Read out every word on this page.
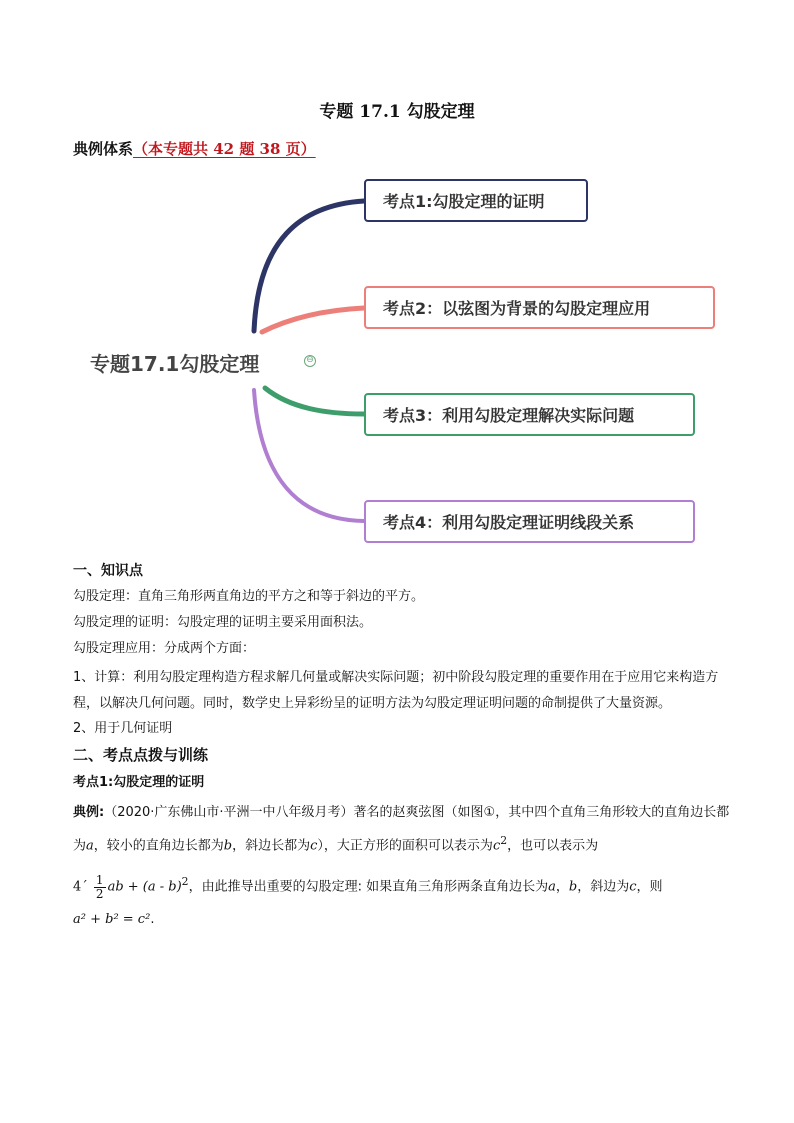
专题 17.1 勾股定理
典例体系（本专题共 42 题 38 页）
专题17.1勾股定理	⊖
考点1:勾股定理的证明
考点2：以弦图为背景的勾股定理应用
考点3：利用勾股定理解决实际问题
考点4：利用勾股定理证明线段关系

一、知识点

勾股定理：直角三角形两直角边的平方之和等于斜边的平方。

勾股定理的证明：勾股定理的证明主要采用面积法。

勾股定理应用：分成两个方面：

1、计算：利用勾股定理构造方程求解几何量或解决实际问题；初中阶段勾股定理的重要作用在于应用它来构造方程，以解决几何问题。同时，数学史上异彩纷呈的证明方法为勾股定理证明问题的命制提供了大量资源。

2、用于几何证明

二、考点点拨与训练

考点1:勾股定理的证明

典例:（2020·广东佛山市·平洲一中八年级月考）著名的赵爽弦图（如图①，其中四个直角三角形较大的直角边长都为a，较小的直角边长都为b，斜边长都为c），大正方形的面积可以表示为$c^2$，也可以表示为

4´ $\frac{1}{2}$ ab + (a - b)$^2$，由此推导出重要的勾股定理: 如果直角三角形两条直角边长为a，b，斜边为c，则

a² + b² = c².
